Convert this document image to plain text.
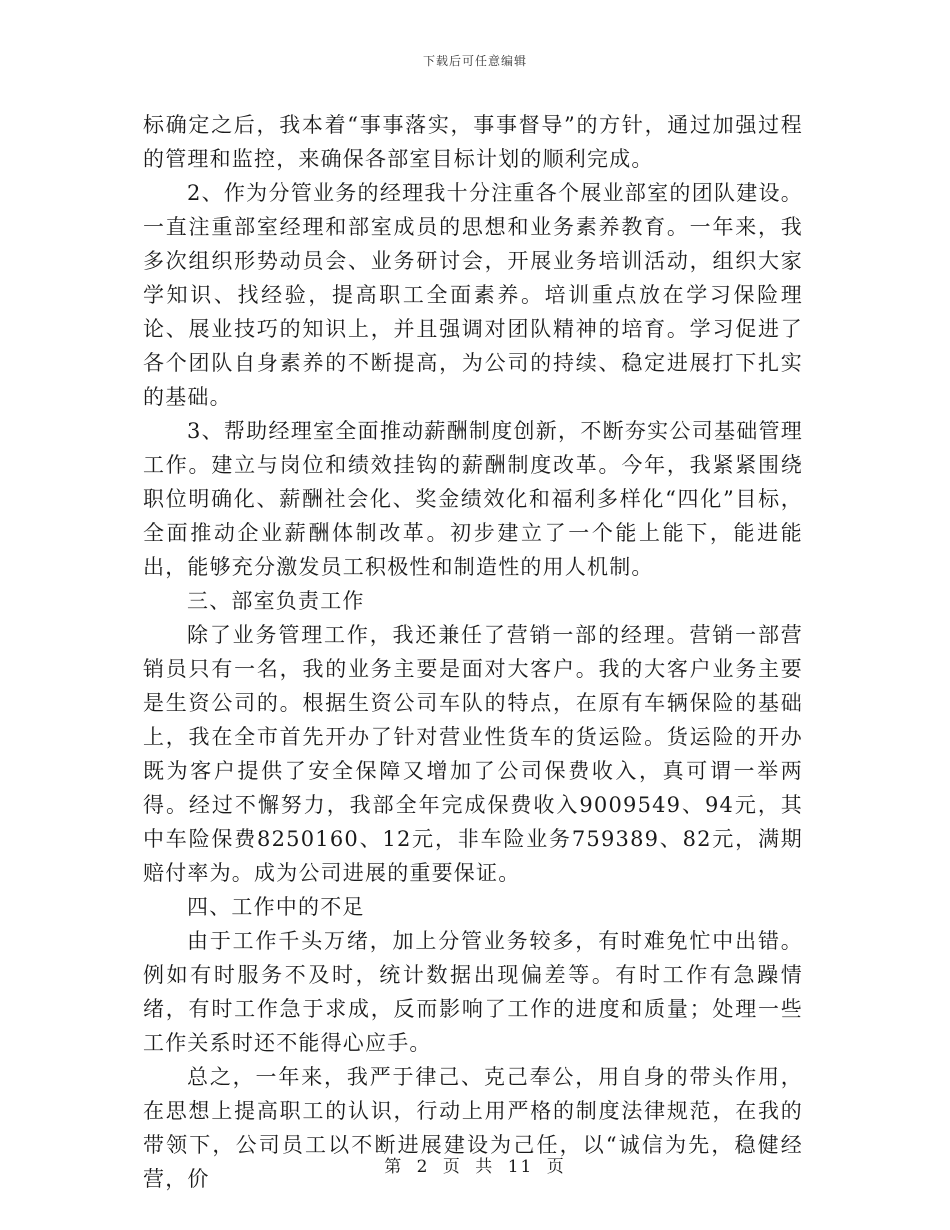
下载后可任意编辑

标确定之后，我本着“事事落实，事事督导”的方针，通过加强过程的管理和监控，来确保各部室目标计划的顺利完成。

2、作为分管业务的经理我十分注重各个展业部室的团队建设。一直注重部室经理和部室成员的思想和业务素养教育。一年来，我多次组织形势动员会、业务研讨会，开展业务培训活动，组织大家学知识、找经验，提高职工全面素养。培训重点放在学习保险理论、展业技巧的知识上，并且强调对团队精神的培育。学习促进了各个团队自身素养的不断提高，为公司的持续、稳定进展打下扎实的基础。

3、帮助经理室全面推动薪酬制度创新，不断夯实公司基础管理工作。建立与岗位和绩效挂钩的薪酬制度改革。今年，我紧紧围绕职位明确化、薪酬社会化、奖金绩效化和福利多样化“四化”目标，全面推动企业薪酬体制改革。初步建立了一个能上能下，能进能出，能够充分激发员工积极性和制造性的用人机制。

三、部室负责工作

除了业务管理工作，我还兼任了营销一部的经理。营销一部营销员只有一名，我的业务主要是面对大客户。我的大客户业务主要是生资公司的。根据生资公司车队的特点，在原有车辆保险的基础上，我在全市首先开办了针对营业性货车的货运险。货运险的开办既为客户提供了安全保障又增加了公司保费收入，真可谓一举两得。经过不懈努力，我部全年完成保费收入9009549、94元，其中车险保费8250160、12元，非车险业务759389、82元，满期赔付率为。成为公司进展的重要保证。

四、工作中的不足

由于工作千头万绪，加上分管业务较多，有时难免忙中出错。例如有时服务不及时，统计数据出现偏差等。有时工作有急躁情绪，有时工作急于求成，反而影响了工作的进度和质量；处理一些工作关系时还不能得心应手。

总之，一年来，我严于律己、克己奉公，用自身的带头作用，在思想上提高职工的认识，行动上用严格的制度法律规范，在我的带领下，公司员工以不断进展建设为己任，以“诚信为先，稳健经营，价	第 2 页 共 11 页
